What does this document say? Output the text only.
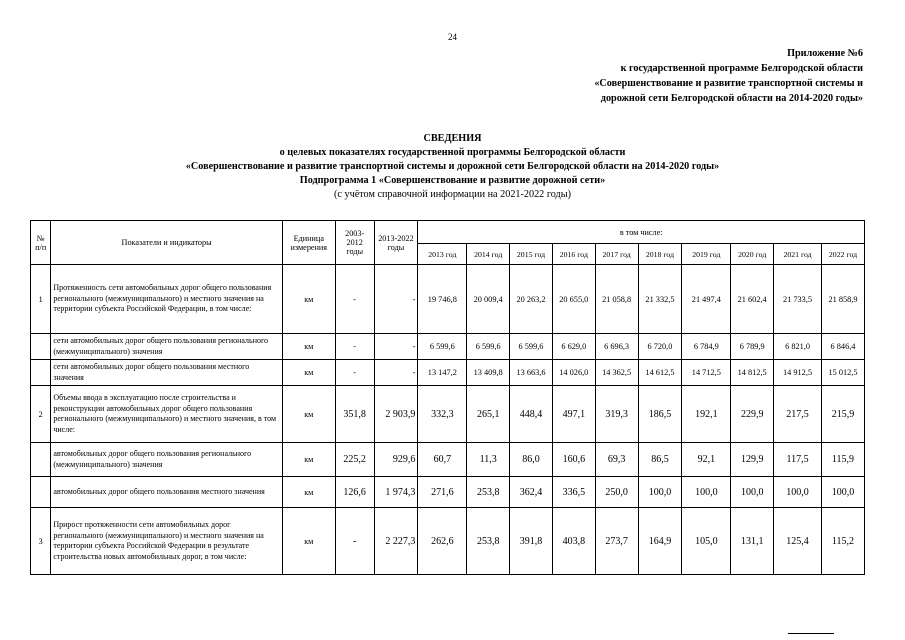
24
Приложение №6
к государственной программе Белгородской области
«Совершенствование и развитие транспортной системы и
дорожной сети Белгородской области на 2014-2020 годы»
СВЕДЕНИЯ
о целевых показателях государственной программы Белгородской области
«Совершенствование и развитие транспортной системы и дорожной сети Белгородской области на 2014-2020 годы»
Подпрограмма 1 «Совершенствование и развитие дорожной сети»
(с учётом справочной информации на 2021-2022 годы)
№ п/п	Показатели и индикаторы	Единица измерения	2003-2012 годы	2013-2022 годы	в том числе:									
					2013 год	2014 год	2015 год	2016 год	2017 год	2018 год	2019 год	2020 год	2021 год	2022 год
1	Протяженность сети автомобильных дорог общего пользования регионального (межмуниципального) и местного значения на территории субъекта Российской Федерации, в том числе:	км	-	-	19 746,8	20 009,4	20 263,2	20 655,0	21 058,8	21 332,5	21 497,4	21 602,4	21 733,5	21 858,9
	сети автомобильных дорог общего пользования регионального (межмуниципального) значения	км	-	-	6 599,6	6 599,6	6 599,6	6 629,0	6 696,3	6 720,0	6 784,9	6 789,9	6 821,0	6 846,4
	сети автомобильных дорог общего пользования местного значения	км	-	-	13 147,2	13 409,8	13 663,6	14 026,0	14 362,5	14 612,5	14 712,5	14 812,5	14 912,5	15 012,5
2	Объемы ввода в эксплуатацию после строительства и реконструкции автомобильных дорог общего пользования регионального (межмуниципального) и местного значения, в том числе:	км	351,8	2 903,9	332,3	265,1	448,4	497,1	319,3	186,5	192,1	229,9	217,5	215,9
	автомобильных дорог общего пользования регионального (межмуниципального) значения	км	225,2	929,6	60,7	11,3	86,0	160,6	69,3	86,5	92,1	129,9	117,5	115,9
	автомобильных дорог общего пользования местного значения	км	126,6	1 974,3	271,6	253,8	362,4	336,5	250,0	100,0	100,0	100,0	100,0	100,0
3	Прирост протяженности сети автомобильных дорог регионального (межмуниципального) и местного значения на территории субъекта Российской Федерации в результате строительства новых автомобильных дорог, в том числе:	км	-	2 227,3	262,6	253,8	391,8	403,8	273,7	164,9	105,0	131,1	125,4	115,2
